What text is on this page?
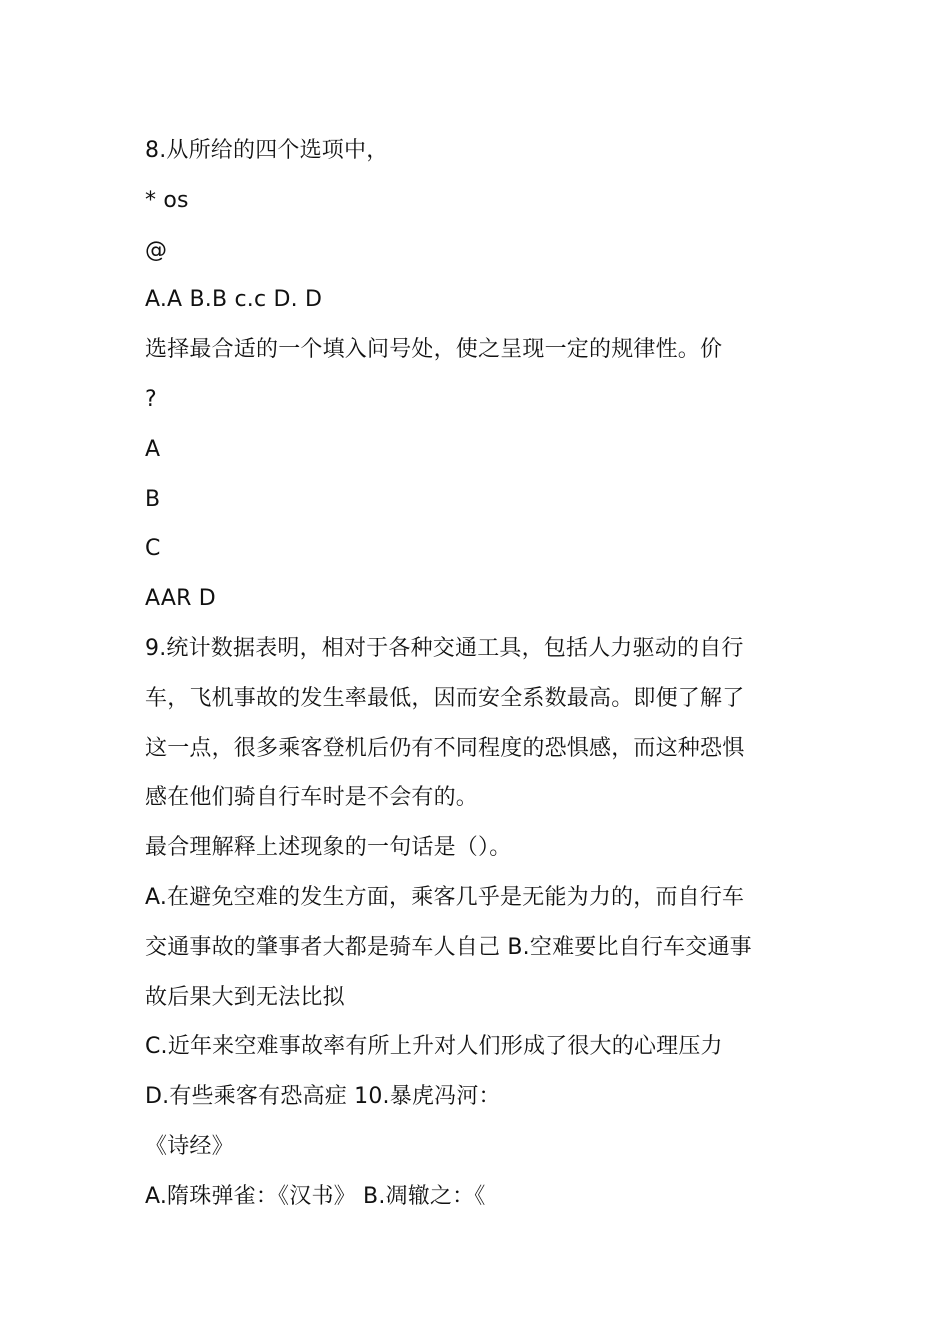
8.从所给的四个选项中，
* os
@
A.A B.B c.c D. D
选择最合适的一个填入问号处，使之呈现一定的规律性。价
?
A
B
C
AAR D
9.统计数据表明，相对于各种交通工具，包括人力驱动的自行
车，飞机事故的发生率最低，因而安全系数最高。即便了解了
这一点，很多乘客登机后仍有不同程度的恐惧感，而这种恐惧
感在他们骑自行车时是不会有的。
最合理解释上述现象的一句话是（）。
A.在避免空难的发生方面，乘客几乎是无能为力的，而自行车
交通事故的肇事者大都是骑车人自己 B.空难要比自行车交通事
故后果大到无法比拟
C.近年来空难事故率有所上升对人们形成了很大的心理压力
D.有些乘客有恐高症 10.暴虎冯河：
《诗经》
A.隋珠弹雀：《汉书》 B.凋辙之：《
